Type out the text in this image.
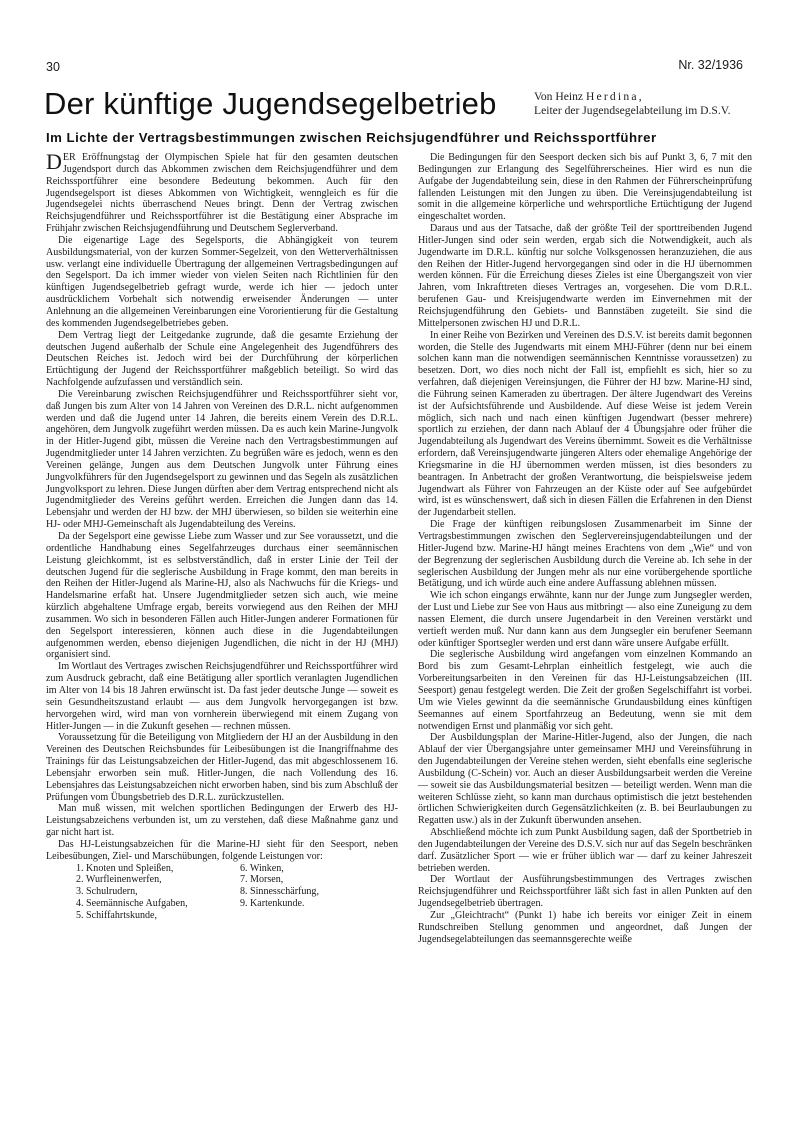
30	Nr. 32/1936
Der künftige Jugendsegelbetrieb	Von Heinz Herdina,
Leiter der Jugendsegelabteilung im D.S.V.
Im Lichte der Vertragsbestimmungen zwischen Reichsjugendführer und Reichssportführer

DER Eröffnungstag der Olympischen Spiele hat für den gesamten deutschen Jugendsport durch das Abkommen zwischen dem Reichsjugendführer und dem Reichssportführer eine besondere Bedeutung bekommen. Auch für den Jugendsegelsport ist dieses Abkommen von Wichtigkeit, wenngleich es für die Jugendsegelei nichts überraschend Neues bringt. Denn der Vertrag zwischen Reichsjugendführer und Reichssportführer ist die Bestätigung einer Absprache im Frühjahr zwischen Reichsjugendführung und Deutschem Seglerverband.

Die eigenartige Lage des Segelsports, die Abhängigkeit von teurem Ausbildungsmaterial, von der kurzen Sommer-Segelzeit, von den Wetterverhältnissen usw. verlangt eine individuelle Übertragung der allgemeinen Vertragsbedingungen auf den Segelsport. Da ich immer wieder von vielen Seiten nach Richtlinien für den künftigen Jugendsegelbetrieb gefragt wurde, werde ich hier — jedoch unter ausdrücklichem Vorbehalt sich notwendig erweisender Änderungen — unter Anlehnung an die allgemeinen Vereinbarungen eine Vororientierung für die Gestaltung des kommenden Jugendsegelbetriebes geben.

Dem Vertrag liegt der Leitgedanke zugrunde, daß die gesamte Erziehung der deutschen Jugend außerhalb der Schule eine Angelegenheit des Jugendführers des Deutschen Reiches ist. Jedoch wird bei der Durchführung der körperlichen Ertüchtigung der Jugend der Reichssportführer maßgeblich beteiligt. So wird das Nachfolgende aufzufassen und verständlich sein.

Die Vereinbarung zwischen Reichsjugendführer und Reichssportführer sieht vor, daß Jungen bis zum Alter von 14 Jahren von Vereinen des D.R.L. nicht aufgenommen werden und daß die Jugend unter 14 Jahren, die bereits einem Verein des D.R.L. angehören, dem Jungvolk zugeführt werden müssen. Da es auch kein Marine-Jungvolk in der Hitler-Jugend gibt, müssen die Vereine nach den Vertragsbestimmungen auf Jugendmitglieder unter 14 Jahren verzichten. Zu begrüßen wäre es jedoch, wenn es den Vereinen gelänge, Jungen aus dem Deutschen Jungvolk unter Führung eines Jungvolkführers für den Jugendsegelsport zu gewinnen und das Segeln als zusätzlichen Jungvolksport zu lehren. Diese Jungen dürften aber dem Vertrag entsprechend nicht als Jugendmitglieder des Vereins geführt werden. Erreichen die Jungen dann das 14. Lebensjahr und werden der HJ bzw. der MHJ überwiesen, so bilden sie weiterhin eine HJ- oder MHJ-Gemeinschaft als Jugendabteilung des Vereins.

Da der Segelsport eine gewisse Liebe zum Wasser und zur See voraussetzt, und die ordentliche Handhabung eines Segelfahrzeuges durchaus einer seemännischen Leistung gleichkommt, ist es selbstverständlich, daß in erster Linie der Teil der deutschen Jugend für die seglerische Ausbildung in Frage kommt, den man bereits in den Reihen der Hitler-Jugend als Marine-HJ, also als Nachwuchs für die Kriegs- und Handelsmarine erfaßt hat. Unsere Jugendmitglieder setzen sich auch, wie meine kürzlich abgehaltene Umfrage ergab, bereits vorwiegend aus den Reihen der MHJ zusammen. Wo sich in besonderen Fällen auch Hitler-Jungen anderer Formationen für den Segelsport interessieren, können auch diese in die Jugendabteilungen aufgenommen werden, ebenso diejenigen Jugendlichen, die nicht in der HJ (MHJ) organisiert sind.

Im Wortlaut des Vertrages zwischen Reichsjugendführer und Reichssportführer wird zum Ausdruck gebracht, daß eine Betätigung aller sportlich veranlagten Jugendlichen im Alter von 14 bis 18 Jahren erwünscht ist. Da fast jeder deutsche Junge — soweit es sein Gesundheitszustand erlaubt — aus dem Jungvolk hervorgegangen ist bzw. hervorgehen wird, wird man von vornherein überwiegend mit einem Zugang von Hitler-Jungen — in die Zukunft gesehen — rechnen müssen.

Voraussetzung für die Beteiligung von Mitgliedern der HJ an der Ausbildung in den Vereinen des Deutschen Reichsbundes für Leibesübungen ist die Inangriffnahme des Trainings für das Leistungsabzeichen der Hitler-Jugend, das mit abgeschlossenem 16. Lebensjahr erworben sein muß. Hitler-Jungen, die nach Vollendung des 16. Lebensjahres das Leistungsabzeichen nicht erworben haben, sind bis zum Abschluß der Prüfungen vom Übungsbetrieb des D.R.L. zurückzustellen.

Man muß wissen, mit welchen sportlichen Bedingungen der Erwerb des HJ-Leistungsabzeichens verbunden ist, um zu verstehen, daß diese Maßnahme ganz und gar nicht hart ist.

Das HJ-Leistungsabzeichen für die Marine-HJ sieht für den Seesport, neben Leibesübungen, Ziel- und Marschübungen, folgende Leistungen vor:

1. Knoten und Spleißen,	6. Winken,
2. Wurfleinenwerfen,	7. Morsen,
3. Schulrudern,	8. Sinnesschärfung,
4. Seemännische Aufgaben,	9. Kartenkunde.
5. Schiffahrtskunde,

Die Bedingungen für den Seesport decken sich bis auf Punkt 3, 6, 7 mit den Bedingungen zur Erlangung des Segelführerscheines. Hier wird es nun die Aufgabe der Jugendabteilung sein, diese in den Rahmen der Führerscheinprüfung fallenden Leistungen mit den Jungen zu üben. Die Vereinsjugendabteilung ist somit in die allgemeine körperliche und wehrsportliche Ertüchtigung der Jugend eingeschaltet worden.

Daraus und aus der Tatsache, daß der größte Teil der sporttreibenden Jugend Hitler-Jungen sind oder sein werden, ergab sich die Notwendigkeit, auch als Jugendwarte im D.R.L. künftig nur solche Volksgenossen heranzuziehen, die aus den Reihen der Hitler-Jugend hervorgegangen sind oder in die HJ übernommen werden können. Für die Erreichung dieses Zieles ist eine Übergangszeit von vier Jahren, vom Inkrafttreten dieses Vertrages an, vorgesehen. Die vom D.R.L. berufenen Gau- und Kreisjugendwarte werden im Einvernehmen mit der Reichsjugendführung den Gebiets- und Bannstäben zugeteilt. Sie sind die Mittelpersonen zwischen HJ und D.R.L.

In einer Reihe von Bezirken und Vereinen des D.S.V. ist bereits damit begonnen worden, die Stelle des Jugendwarts mit einem MHJ-Führer (denn nur bei einem solchen kann man die notwendigen seemännischen Kenntnisse voraussetzen) zu besetzen. Dort, wo dies noch nicht der Fall ist, empfiehlt es sich, hier so zu verfahren, daß diejenigen Vereinsjungen, die Führer der HJ bzw. Marine-HJ sind, die Führung seinen Kameraden zu übertragen. Der ältere Jugendwart des Vereins ist der Aufsichtsführende und Ausbildende. Auf diese Weise ist jedem Verein möglich, sich nach und nach einen künftigen Jugendwart (besser mehrere) sportlich zu erziehen, der dann nach Ablauf der 4 Übungsjahre oder früher die Jugendabteilung als Jugendwart des Vereins übernimmt. Soweit es die Verhältnisse erfordern, daß Vereinsjugendwarte jüngeren Alters oder ehemalige Angehörige der Kriegsmarine in die HJ übernommen werden müssen, ist dies besonders zu beantragen. In Anbetracht der großen Verantwortung, die beispielsweise jedem Jugendwart als Führer von Fahrzeugen an der Küste oder auf See aufgebürdet wird, ist es wünschenswert, daß sich in diesen Fällen die Erfahrenen in den Dienst der Jugendarbeit stellen.

Die Frage der künftigen reibungslosen Zusammenarbeit im Sinne der Vertragsbestimmungen zwischen den Seglervereinsjugendabteilungen und der Hitler-Jugend bzw. Marine-HJ hängt meines Erachtens von dem „Wie“ und von der Begrenzung der seglerischen Ausbildung durch die Vereine ab. Ich sehe in der seglerischen Ausbildung der Jungen mehr als nur eine vorübergehende sportliche Betätigung, und ich würde auch eine andere Auffassung ablehnen müssen.

Wie ich schon eingangs erwähnte, kann nur der Junge zum Jungsegler werden, der Lust und Liebe zur See von Haus aus mitbringt — also eine Zuneigung zu dem nassen Element, die durch unsere Jugendarbeit in den Vereinen verstärkt und vertieft werden muß. Nur dann kann aus dem Jungsegler ein berufener Seemann oder künftiger Sportsegler werden und erst dann wäre unsere Aufgabe erfüllt.

Die seglerische Ausbildung wird angefangen vom einzelnen Kommando an Bord bis zum Gesamt-Lehrplan einheitlich festgelegt, wie auch die Vorbereitungsarbeiten in den Vereinen für das HJ-Leistungsabzeichen (III. Seesport) genau festgelegt werden. Die Zeit der großen Segelschiffahrt ist vorbei. Um wie Vieles gewinnt da die seemännische Grundausbildung eines künftigen Seemannes auf einem Sportfahrzeug an Bedeutung, wenn sie mit dem notwendigen Ernst und planmäßig vor sich geht.

Der Ausbildungsplan der Marine-Hitler-Jugend, also der Jungen, die nach Ablauf der vier Übergangsjahre unter gemeinsamer MHJ und Vereinsführung in den Jugendabteilungen der Vereine stehen werden, sieht ebenfalls eine seglerische Ausbildung (C-Schein) vor. Auch an dieser Ausbildungsarbeit werden die Vereine — soweit sie das Ausbildungsmaterial besitzen — beteiligt werden. Wenn man die weiteren Schlüsse zieht, so kann man durchaus optimistisch die jetzt bestehenden örtlichen Schwierigkeiten durch Gegensätzlichkeiten (z. B. bei Beurlaubungen zu Regatten usw.) als in der Zukunft überwunden ansehen.

Abschließend möchte ich zum Punkt Ausbildung sagen, daß der Sportbetrieb in den Jugendabteilungen der Vereine des D.S.V. sich nur auf das Segeln beschränken darf. Zusätzlicher Sport — wie er früher üblich war — darf zu keiner Jahreszeit betrieben werden.

Der Wortlaut der Ausführungsbestimmungen des Vertrages zwischen Reichsjugendführer und Reichssportführer läßt sich fast in allen Punkten auf den Jugendsegelbetrieb übertragen.

Zur „Gleichtracht“ (Punkt 1) habe ich bereits vor einiger Zeit in einem Rundschreiben Stellung genommen und angeordnet, daß Jungen der Jugendsegelabteilungen das seemannsgerechte weiße
